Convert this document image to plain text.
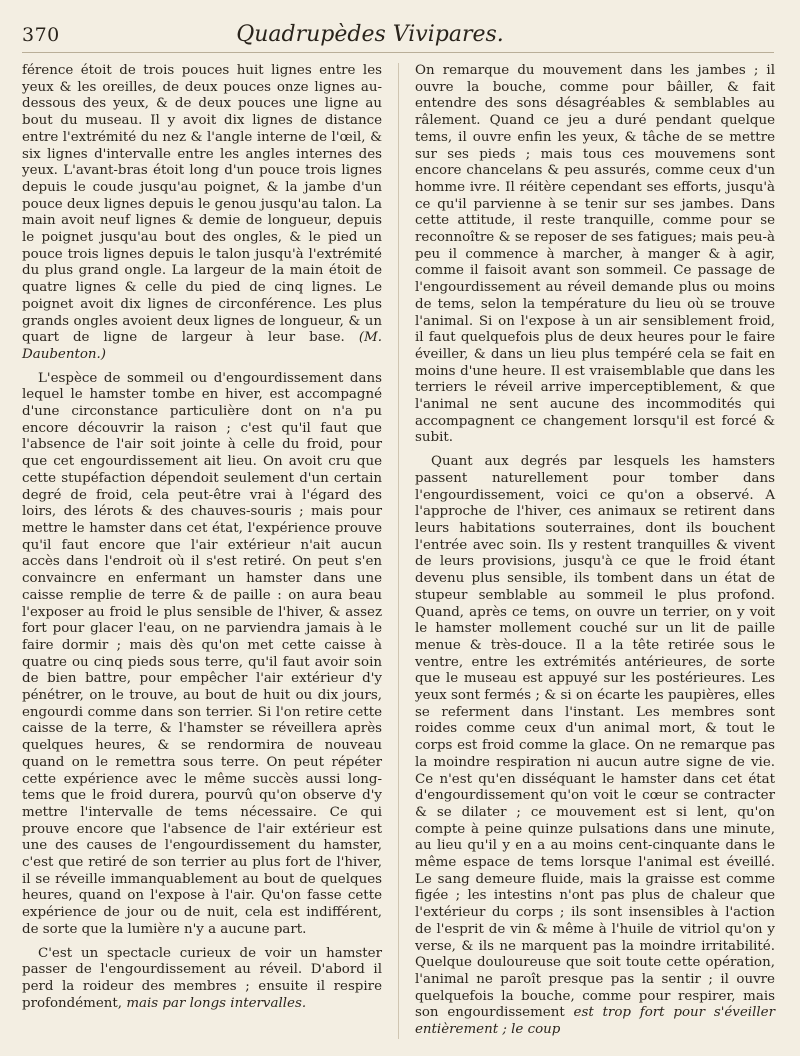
370	Quadrupèdes Vivipares.

férence étoit de trois pouces huit lignes entre les yeux & les oreilles, de deux pouces onze lignes au-dessous des yeux, & de deux pouces une ligne au bout du museau. Il y avoit dix lignes de distance entre l'extrémité du nez & l'angle interne de l'œil, & six lignes d'intervalle entre les angles internes des yeux. L'avant-bras étoit long d'un pouce trois lignes depuis le coude jusqu'au poignet, & la jambe d'un pouce deux lignes depuis le genou jusqu'au talon. La main avoit neuf lignes & demie de longueur, depuis le poignet jusqu'au bout des ongles, & le pied un pouce trois lignes depuis le talon jusqu'à l'extrémité du plus grand ongle. La largeur de la main étoit de quatre lignes & celle du pied de cinq lignes. Le poignet avoit dix lignes de circonférence. Les plus grands ongles avoient deux lignes de longueur, & un quart de ligne de largeur à leur base. (M. Daubenton.)

L'espèce de sommeil ou d'engourdissement dans lequel le hamster tombe en hiver, est accompagné d'une circonstance particulière dont on n'a pu encore découvrir la raison ; c'est qu'il faut que l'absence de l'air soit jointe à celle du froid, pour que cet engourdissement ait lieu. On avoit cru que cette stupéfaction dépendoit seulement d'un certain degré de froid, cela peut-être vrai à l'égard des loirs, des lérots & des chauves-souris ; mais pour mettre le hamster dans cet état, l'expérience prouve qu'il faut encore que l'air extérieur n'ait aucun accès dans l'endroit où il s'est retiré. On peut s'en convaincre en enfermant un hamster dans une caisse remplie de terre & de paille : on aura beau l'exposer au froid le plus sensible de l'hiver, & assez fort pour glacer l'eau, on ne parviendra jamais à le faire dormir ; mais dès qu'on met cette caisse à quatre ou cinq pieds sous terre, qu'il faut avoir soin de bien battre, pour empêcher l'air extérieur d'y pénétrer, on le trouve, au bout de huit ou dix jours, engourdi comme dans son terrier. Si l'on retire cette caisse de la terre, & l'hamster se réveillera après quelques heures, & se rendormira de nouveau quand on le remettra sous terre. On peut répéter cette expérience avec le même succès aussi long-tems que le froid durera, pourvû qu'on observe d'y mettre l'intervalle de tems nécessaire. Ce qui prouve encore que l'absence de l'air extérieur est une des causes de l'engourdissement du hamster, c'est que retiré de son terrier au plus fort de l'hiver, il se réveille immanquablement au bout de quelques heures, quand on l'expose à l'air. Qu'on fasse cette expérience de jour ou de nuit, cela est indifférent, de sorte que la lumière n'y a aucune part.

C'est un spectacle curieux de voir un hamster passer de l'engourdissement au réveil. D'abord il perd la roideur des membres ; ensuite il respire profondément, mais par longs intervalles.

On remarque du mouvement dans les jambes ; il ouvre la bouche, comme pour bâiller, & fait entendre des sons désagréables & semblables au râlement. Quand ce jeu a duré pendant quelque tems, il ouvre enfin les yeux, & tâche de se mettre sur ses pieds ; mais tous ces mouvemens sont encore chancelans & peu assurés, comme ceux d'un homme ivre. Il réitère cependant ses efforts, jusqu'à ce qu'il parvienne à se tenir sur ses jambes. Dans cette attitude, il reste tranquille, comme pour se reconnoître & se reposer de ses fatigues; mais peu-à peu il commence à marcher, à manger & à agir, comme il faisoit avant son sommeil. Ce passage de l'engourdissement au réveil demande plus ou moins de tems, selon la température du lieu où se trouve l'animal. Si on l'expose à un air sensiblement froid, il faut quelquefois plus de deux heures pour le faire éveiller, & dans un lieu plus tempéré cela se fait en moins d'une heure. Il est vraisemblable que dans les terriers le réveil arrive imperceptiblement, & que l'animal ne sent aucune des incommodités qui accompagnent ce changement lorsqu'il est forcé & subit.

Quant aux degrés par lesquels les hamsters passent naturellement pour tomber dans l'engourdissement, voici ce qu'on a observé. A l'approche de l'hiver, ces animaux se retirent dans leurs habitations souterraines, dont ils bouchent l'entrée avec soin. Ils y restent tranquilles & vivent de leurs provisions, jusqu'à ce que le froid étant devenu plus sensible, ils tombent dans un état de stupeur semblable au sommeil le plus profond. Quand, après ce tems, on ouvre un terrier, on y voit le hamster mollement couché sur un lit de paille menue & très-douce. Il a la tête retirée sous le ventre, entre les extrémités antérieures, de sorte que le museau est appuyé sur les postérieures. Les yeux sont fermés ; & si on écarte les paupières, elles se referment dans l'instant. Les membres sont roides comme ceux d'un animal mort, & tout le corps est froid comme la glace. On ne remarque pas la moindre respiration ni aucun autre signe de vie. Ce n'est qu'en disséquant le hamster dans cet état d'engourdissement qu'on voit le cœur se contracter & se dilater ; ce mouvement est si lent, qu'on compte à peine quinze pulsations dans une minute, au lieu qu'il y en a au moins cent-cinquante dans le même espace de tems lorsque l'animal est éveillé. Le sang demeure fluide, mais la graisse est comme figée ; les intestins n'ont pas plus de chaleur que l'extérieur du corps ; ils sont insensibles à l'action de l'esprit de vin & même à l'huile de vitriol qu'on y verse, & ils ne marquent pas la moindre irritabilité. Quelque douloureuse que soit toute cette opération, l'animal ne paroît presque pas la sentir ; il ouvre quelquefois la bouche, comme pour respirer, mais son engourdissement est trop fort pour s'éveiller entièrement ; le coup
